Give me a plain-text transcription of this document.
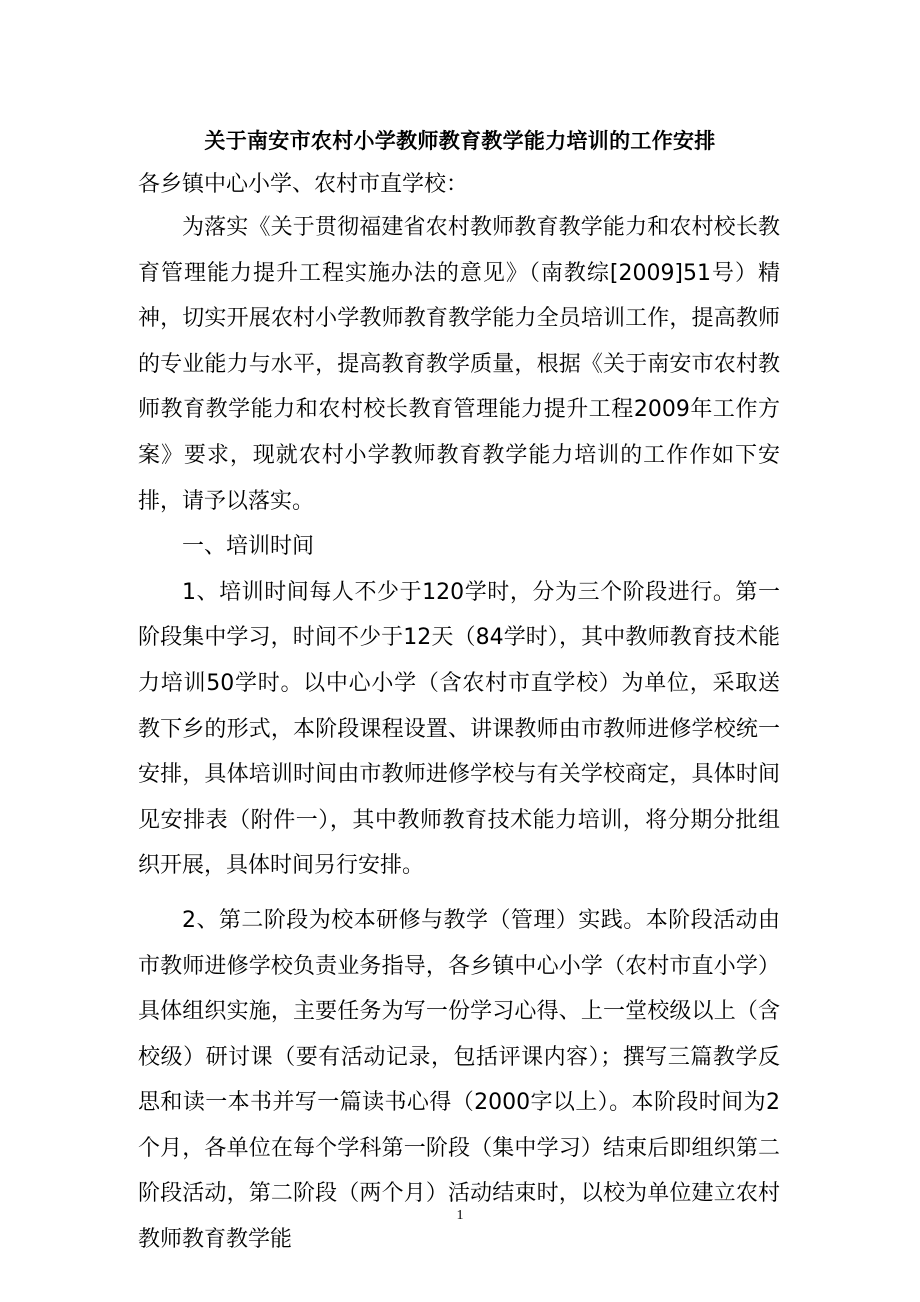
关于南安市农村小学教师教育教学能力培训的工作安排
各乡镇中心小学、农村市直学校：

为落实《关于贯彻福建省农村教师教育教学能力和农村校长教育管理能力提升工程实施办法的意见》（南教综[2009]51号）精神，切实开展农村小学教师教育教学能力全员培训工作，提高教师的专业能力与水平，提高教育教学质量，根据《关于南安市农村教师教育教学能力和农村校长教育管理能力提升工程2009年工作方案》要求，现就农村小学教师教育教学能力培训的工作作如下安排，请予以落实。

一、培训时间

1、培训时间每人不少于120学时，分为三个阶段进行。第一阶段集中学习，时间不少于12天（84学时），其中教师教育技术能力培训50学时。以中心小学（含农村市直学校）为单位，采取送教下乡的形式，本阶段课程设置、讲课教师由市教师进修学校统一安排，具体培训时间由市教师进修学校与有关学校商定，具体时间见安排表（附件一），其中教师教育技术能力培训，将分期分批组织开展，具体时间另行安排。

2、第二阶段为校本研修与教学（管理）实践。本阶段活动由市教师进修学校负责业务指导，各乡镇中心小学（农村市直小学）具体组织实施，主要任务为写一份学习心得、上一堂校级以上（含校级）研讨课（要有活动记录，包括评课内容）；撰写三篇教学反思和读一本书并写一篇读书心得（2000字以上）。本阶段时间为2个月，各单位在每个学科第一阶段（集中学习）结束后即组织第二阶段活动，第二阶段（两个月）活动结束时，以校为单位建立农村教师教育教学能

1
